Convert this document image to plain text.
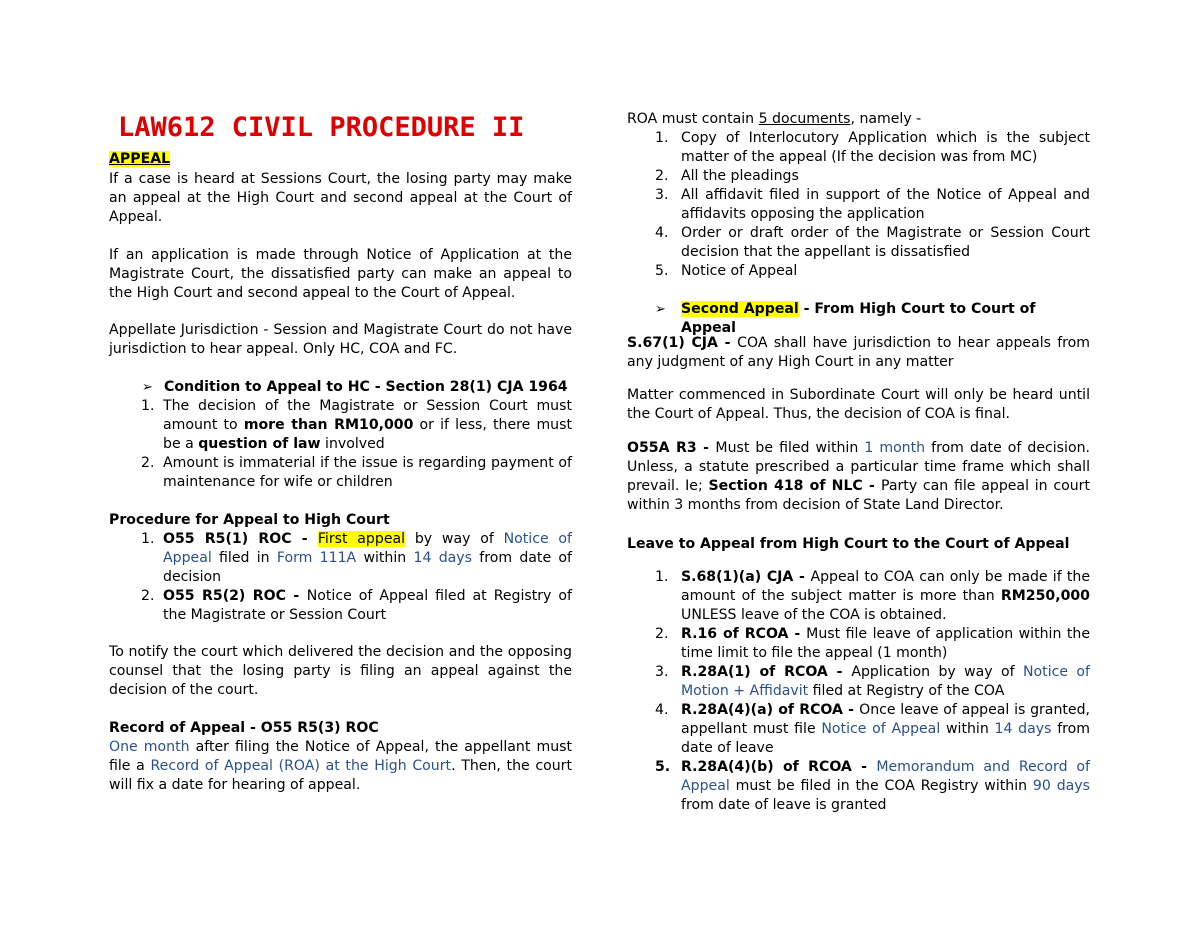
LAW612 CIVIL PROCEDURE II
APPEAL
If a case is heard at Sessions Court, the losing party may make an appeal at the High Court and second appeal at the Court of Appeal.
If an application is made through Notice of Application at the Magistrate Court, the dissatisfied party can make an appeal to the High Court and second appeal to the Court of Appeal.
Appellate Jurisdiction - Session and Magistrate Court do not have jurisdiction to hear appeal. Only HC, COA and FC.
➢ Condition to Appeal to HC - Section 28(1) CJA 1964
1. The decision of the Magistrate or Session Court must amount to more than RM10,000 or if less, there must be a question of law involved
2. Amount is immaterial if the issue is regarding payment of maintenance for wife or children
Procedure for Appeal to High Court
1. O55 R5(1) ROC - First appeal by way of Notice of Appeal filed in Form 111A within 14 days from date of decision
2. O55 R5(2) ROC - Notice of Appeal filed at Registry of the Magistrate or Session Court
To notify the court which delivered the decision and the opposing counsel that the losing party is filing an appeal against the decision of the court.
Record of Appeal - O55 R5(3) ROC
One month after filing the Notice of Appeal, the appellant must file a Record of Appeal (ROA) at the High Court. Then, the court will fix a date for hearing of appeal.
ROA must contain 5 documents, namely -
1. Copy of Interlocutory Application which is the subject matter of the appeal (If the decision was from MC)
2. All the pleadings
3. All affidavit filed in support of the Notice of Appeal and affidavits opposing the application
4. Order or draft order of the Magistrate or Session Court decision that the appellant is dissatisfied
5. Notice of Appeal
➢ Second Appeal - From High Court to Court of Appeal
S.67(1) CJA - COA shall have jurisdiction to hear appeals from any judgment of any High Court in any matter
Matter commenced in Subordinate Court will only be heard until the Court of Appeal. Thus, the decision of COA is final.
O55A R3 - Must be filed within 1 month from date of decision. Unless, a statute prescribed a particular time frame which shall prevail. Ie; Section 418 of NLC - Party can file appeal in court within 3 months from decision of State Land Director.
Leave to Appeal from High Court to the Court of Appeal
1. S.68(1)(a) CJA - Appeal to COA can only be made if the amount of the subject matter is more than RM250,000 UNLESS leave of the COA is obtained.
2. R.16 of RCOA - Must file leave of application within the time limit to file the appeal (1 month)
3. R.28A(1) of RCOA - Application by way of Notice of Motion + Affidavit filed at Registry of the COA
4. R.28A(4)(a) of RCOA - Once leave of appeal is granted, appellant must file Notice of Appeal within 14 days from date of leave
5. R.28A(4)(b) of RCOA - Memorandum and Record of Appeal must be filed in the COA Registry within 90 days from date of leave is granted
